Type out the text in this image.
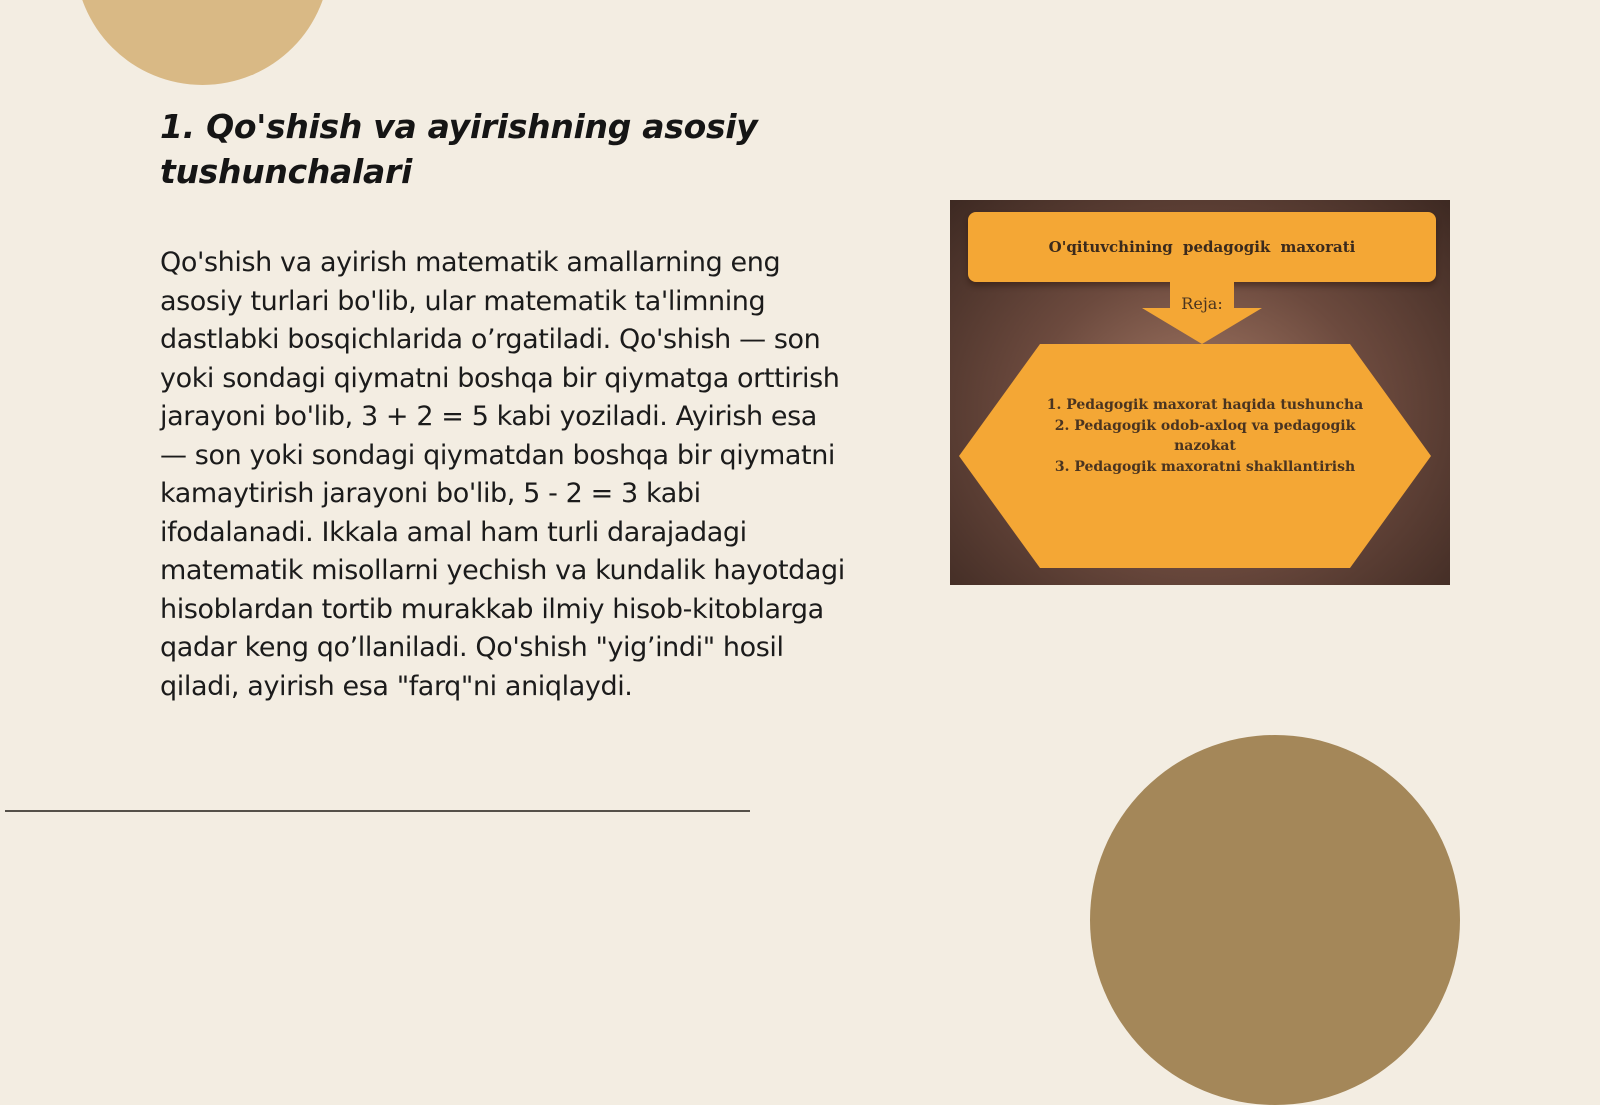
1. Qo'shish va ayirishning asosiy tushunchalari

Qo'shish va ayirish matematik amallarning eng asosiy turlari bo'lib, ular matematik ta'limning dastlabki bosqichlarida o’rgatiladi. Qo'shish — son yoki sondagi qiymatni boshqa bir qiymatga orttirish jarayoni bo'lib, 3 + 2 = 5 kabi yoziladi. Ayirish esa — son yoki sondagi qiymatdan boshqa bir qiymatni kamaytirish jarayoni bo'lib, 5 - 2 = 3 kabi ifodalanadi. Ikkala amal ham turli darajadagi matematik misollarni yechish va kundalik hayotdagi hisoblardan tortib murakkab ilmiy hisob-kitoblarga qadar keng qo’llaniladi. Qo'shish "yig’indi" hosil qiladi, ayirish esa "farq"ni aniqlaydi.

O'qituvchining pedagogik maxorati
Reja:
1. Pedagogik maxorat haqida tushuncha
2. Pedagogik odob-axloq va pedagogik nazokat
3. Pedagogik maxoratni shakllantirish
